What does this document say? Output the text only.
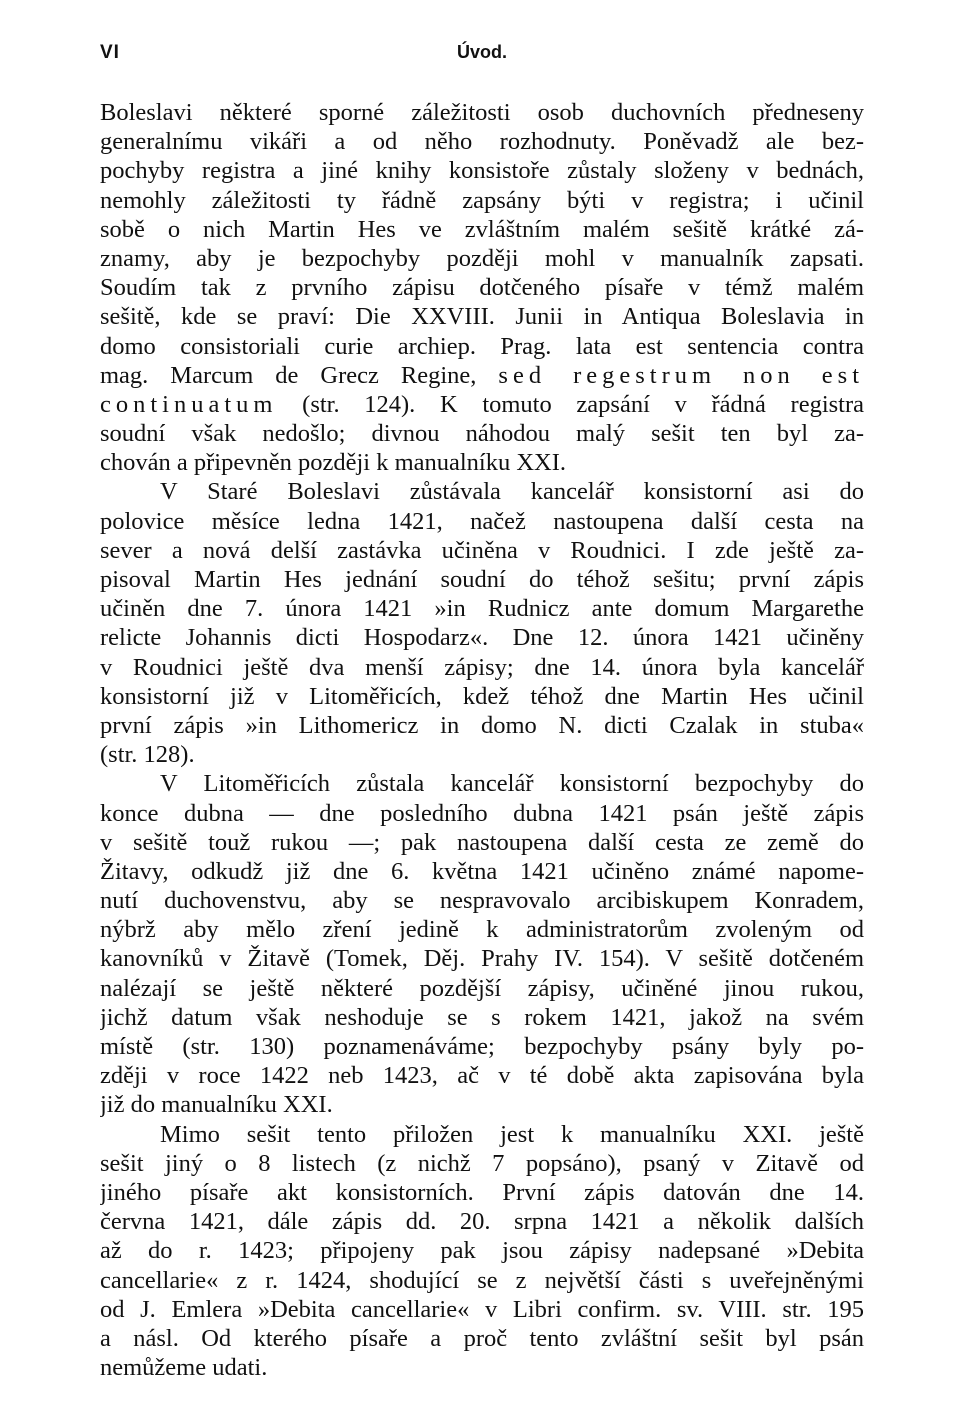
VI	Úvod.
Boleslavi některé sporné záležitosti osob duchovních předneseny
generalnímu vikáři a od něho rozhodnuty. Poněvadž ale bez-
pochyby registra a jiné knihy konsistoře zůstaly složeny v bednách,
nemohly záležitosti ty řádně zapsány býti v registra; i učinil
sobě o nich Martin Hes ve zvláštním malém sešitě krátké zá-
znamy, aby je bezpochyby později mohl v manualník zapsati.
Soudím tak z prvního zápisu dotčeného písaře v témž malém
sešitě, kde se praví: Die XXVIII. Junii in Antiqua Boleslavia in
domo consistoriali curie archiep. Prag. lata est sentencia contra
mag. Marcum de Grecz Regine, sed regestrum non est
continuatum (str. 124). K tomuto zapsání v řádná registra
soudní však nedošlo; divnou náhodou malý sešit ten byl za-
chován a připevněn později k manualníku XXI.
V Staré Boleslavi zůstávala kancelář konsistorní asi do
polovice měsíce ledna 1421, načež nastoupena další cesta na
sever a nová delší zastávka učiněna v Roudnici. I zde ještě za-
pisoval Martin Hes jednání soudní do téhož sešitu; první zápis
učiněn dne 7. února 1421 »in Rudnicz ante domum Margarethe
relicte Johannis dicti Hospodarz«. Dne 12. února 1421 učiněny
v Roudnici ještě dva menší zápisy; dne 14. února byla kancelář
konsistorní již v Litoměřicích, kdež téhož dne Martin Hes učinil
první zápis »in Lithomericz in domo N. dicti Czalak in stuba«
(str. 128).
V Litoměřicích zůstala kancelář konsistorní bezpochyby do
konce dubna — dne posledního dubna 1421 psán ještě zápis
v sešitě touž rukou —; pak nastoupena další cesta ze země do
Žitavy, odkudž již dne 6. května 1421 učiněno známé napome-
nutí duchovenstvu, aby se nespravovalo arcibiskupem Konradem,
nýbrž aby mělo zření jedině k administratorům zvoleným od
kanovníků v Žitavě (Tomek, Děj. Prahy IV. 154). V sešitě dotčeném
nalézají se ještě některé pozdější zápisy, učiněné jinou rukou,
jichž datum však neshoduje se s rokem 1421, jakož na svém
místě (str. 130) poznamenáváme; bezpochyby psány byly po-
zději v roce 1422 neb 1423, ač v té době akta zapisována byla
již do manualníku XXI.
Mimo sešit tento přiložen jest k manualníku XXI. ještě
sešit jiný o 8 listech (z nichž 7 popsáno), psaný v Zitavě od
jiného písaře akt konsistorních. První zápis datován dne 14.
června 1421, dále zápis dd. 20. srpna 1421 a několik dalších
až do r. 1423; připojeny pak jsou zápisy nadepsané »Debita
cancellarie« z r. 1424, shodující se z největší části s uveřejněnými
od J. Emlera »Debita cancellarie« v Libri confirm. sv. VIII. str. 195
a násl. Od kterého písaře a proč tento zvláštní sešit byl psán
nemůžeme udati.
